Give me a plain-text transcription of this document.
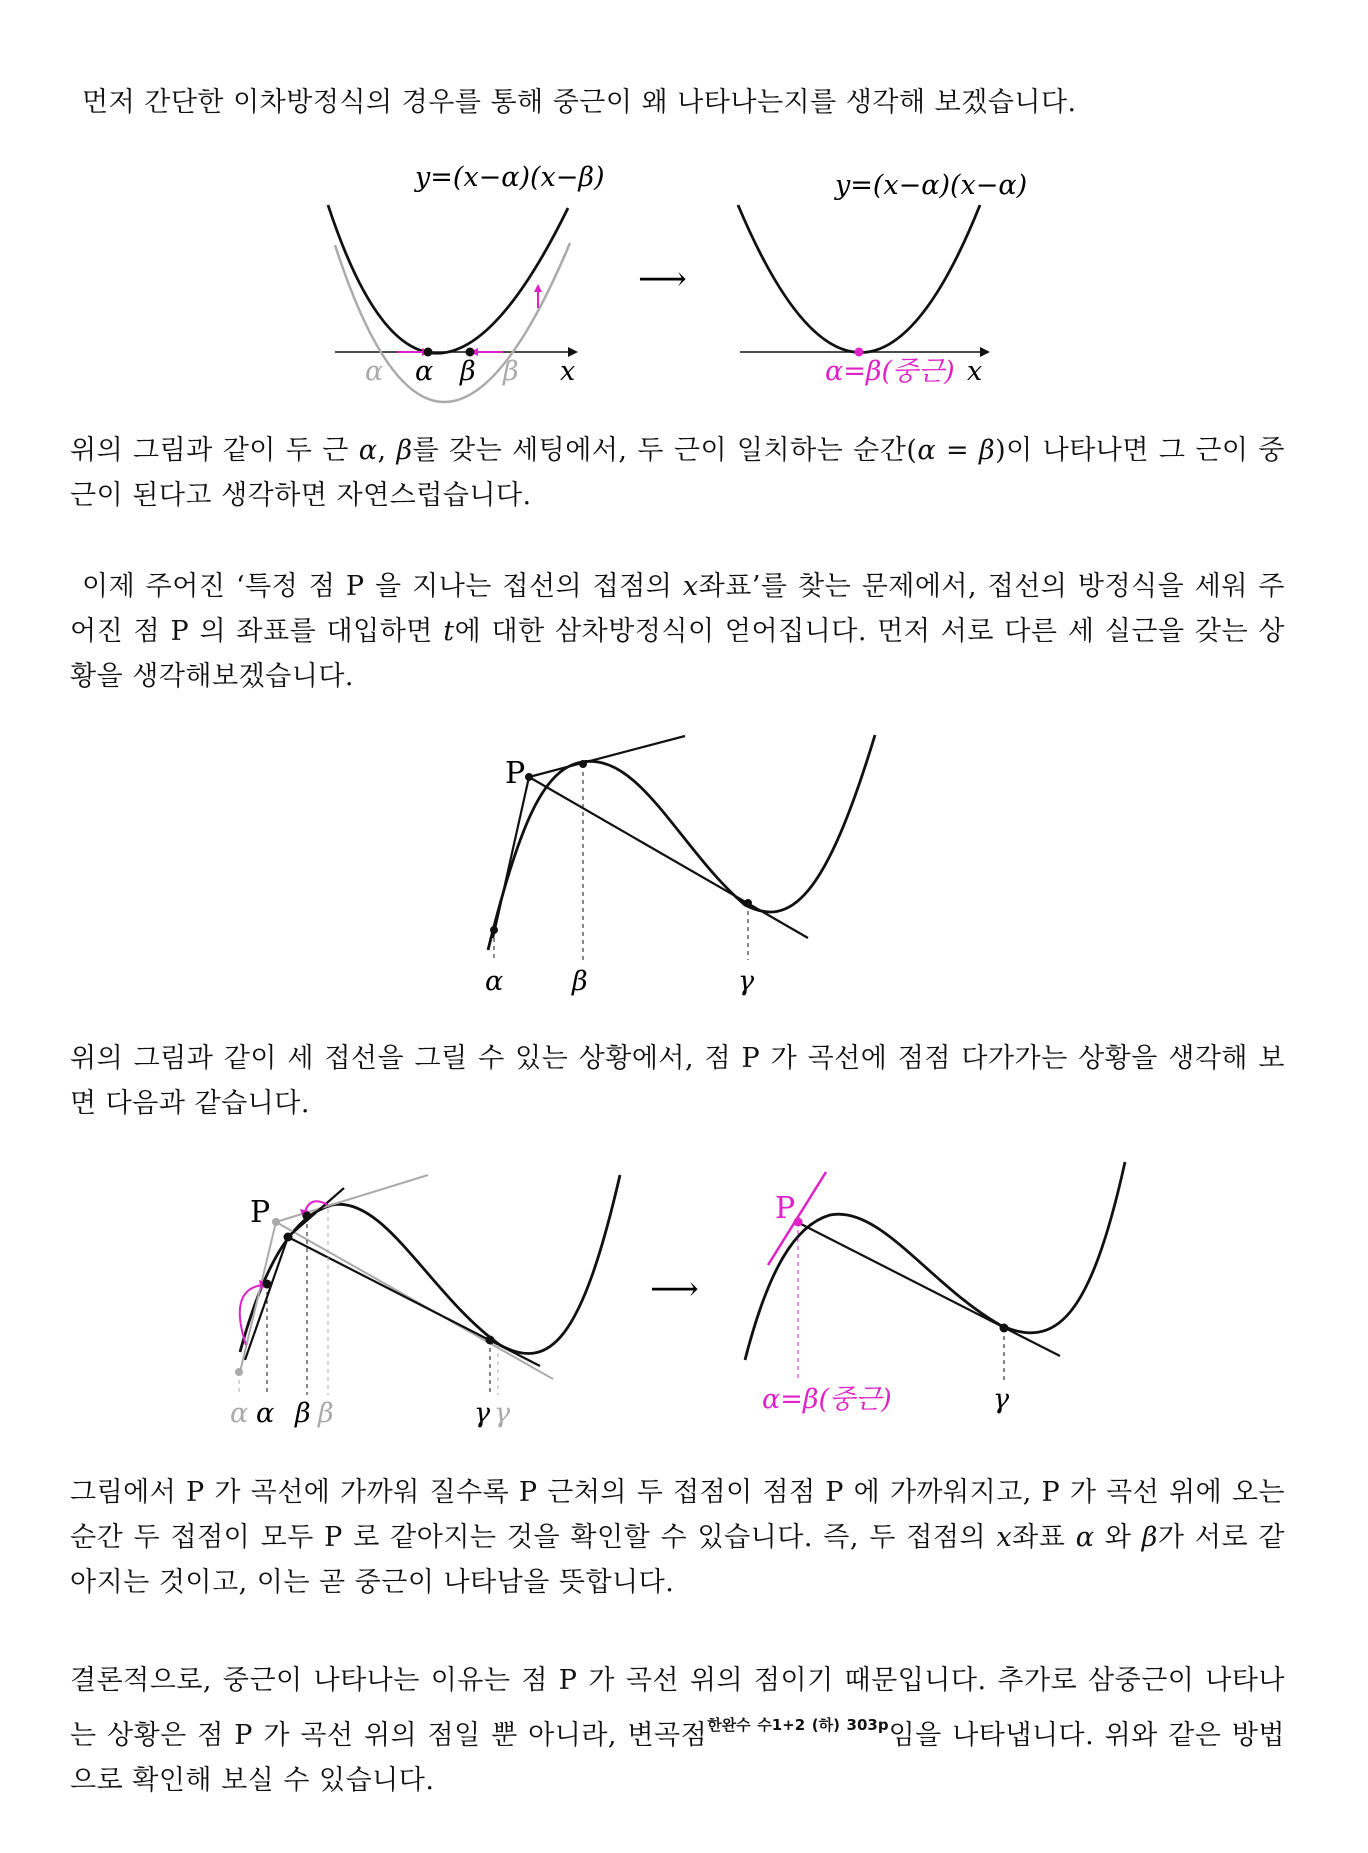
먼저 간단한 이차방정식의 경우를 통해 중근이 왜 나타나는지를 생각해 보겠습니다.

y=(x−α)(x−β)	y=(x−α)(x−α)
α α β β x
⟶
α=β(중근) x

위의 그림과 같이 두 근 α, β를 갖는 세팅에서, 두 근이 일치하는 순간(α = β)이 나타나면 그 근이 중근이 된다고 생각하면 자연스럽습니다.

이제 주어진 ‘특정 점 P 을 지나는 접선의 접점의 x좌표’를 찾는 문제에서, 접선의 방정식을 세워 주어진 점 P 의 좌표를 대입하면 t에 대한 삼차방정식이 얻어집니다. 먼저 서로 다른 세 실근을 갖는 상황을 생각해보겠습니다.

P
α	β	γ

위의 그림과 같이 세 접선을 그릴 수 있는 상황에서, 점 P 가 곡선에 점점 다가가는 상황을 생각해 보면 다음과 같습니다.

P
α α β β	γ γ
⟶
P
α=β(중근)	γ

그림에서 P 가 곡선에 가까워 질수록 P 근처의 두 접점이 점점 P 에 가까워지고, P 가 곡선 위에 오는 순간 두 접점이 모두 P 로 같아지는 것을 확인할 수 있습니다. 즉, 두 접점의 x좌표 α 와 β가 서로 같아지는 것이고, 이는 곧 중근이 나타남을 뜻합니다.

결론적으로, 중근이 나타나는 이유는 점 P 가 곡선 위의 점이기 때문입니다. 추가로 삼중근이 나타나는 상황은 점 P 가 곡선 위의 점일 뿐 아니라, 변곡점$^{한완수 수1+2 (하) 303p}$임을 나타냅니다. 위와 같은 방법으로 확인해 보실 수 있습니다.
